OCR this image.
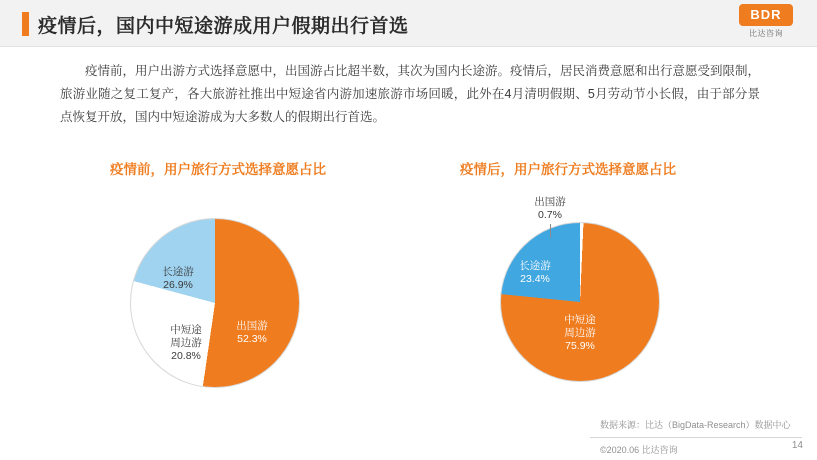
疫情后，国内中短途游成用户假期出行首选
BDR
比达咨询
疫情前，用户出游方式选择意愿中，出国游占比超半数，其次为国内长途游。疫情后，居民消费意愿和出行意愿受到限制，旅游业随之复工复产，各大旅游社推出中短途省内游加速旅游市场回暖，此外在4月清明假期、5月劳动节小长假，由于部分景点恢复开放，国内中短途游成为大多数人的假期出行首选。
疫情前，用户旅行方式选择意愿占比	疫情后，用户旅行方式选择意愿占比
出国游
52.3%
长途游
26.9%
中短途
周边游
20.8%
中短途
周边游
75.9%
长途游
23.4%
出国游
0.7%
数据来源：比达（BigData-Research）数据中心
©2020.06 比达咨询	14
